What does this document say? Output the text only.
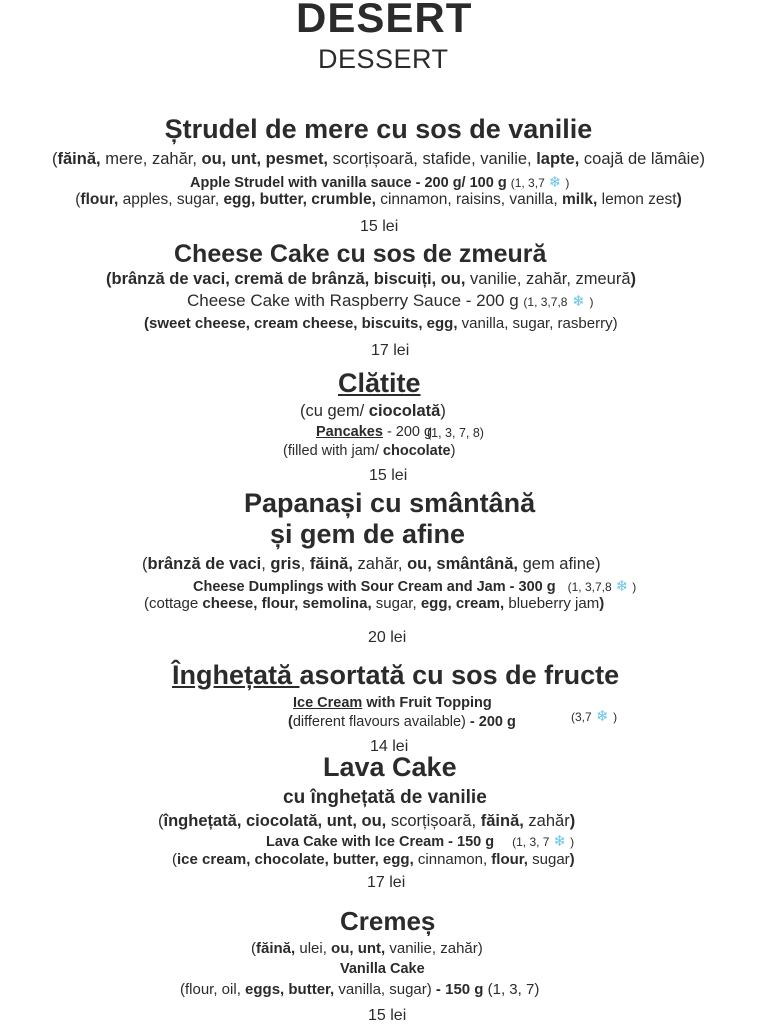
DESERT
DESSERT
Ștrudel de mere cu sos de vanilie
(făină, mere, zahăr, ou, unt, pesmet, scorțișoară, stafide, vanilie, lapte, coajă de lămâie)
Apple Strudel with vanilla sauce - 200 g/ 100 g (1, 3,7 ❄ )
(flour, apples, sugar, egg, butter, crumble, cinnamon, raisins, vanilla, milk, lemon zest)
15 lei
Cheese Cake cu sos de zmeură
(brânză de vaci, cremă de brânză, biscuiți, ou, vanilie, zahăr, zmeură)
Cheese Cake with Raspberry Sauce - 200 g (1, 3,7,8 ❄ )
(sweet cheese, cream cheese, biscuits, egg, vanilla, sugar, rasberry)
17 lei
Clătite
(cu gem/ ciocolată)
Pancakes - 200 g
(1, 3, 7, 8)
(filled with jam/ chocolate)
15 lei
Papanași cu smântână
și gem de afine
(brânză de vaci, gris, făină, zahăr, ou, smântână, gem afine)
Cheese Dumplings with Sour Cream and Jam - 300 g (1, 3,7,8 ❄ )
(cottage cheese, flour, semolina, sugar, egg, cream, blueberry jam)
20 lei
Înghețată asortată cu sos de fructe
Ice Cream with Fruit Topping
(different flavours available) - 200 g	(3,7 ❄ )
14 lei
Lava Cake
cu înghețată de vanilie
(înghețată, ciocolată, unt, ou, scorțișoară, făină, zahăr)
Lava Cake with Ice Cream - 150 g (1, 3, 7 ❄ )
(ice cream, chocolate, butter, egg, cinnamon, flour, sugar)
17 lei
Cremeș
(făină, ulei, ou, unt, vanilie, zahăr)
Vanilla Cake
(flour, oil, eggs, butter, vanilla, sugar) - 150 g (1, 3, 7)
15 lei
